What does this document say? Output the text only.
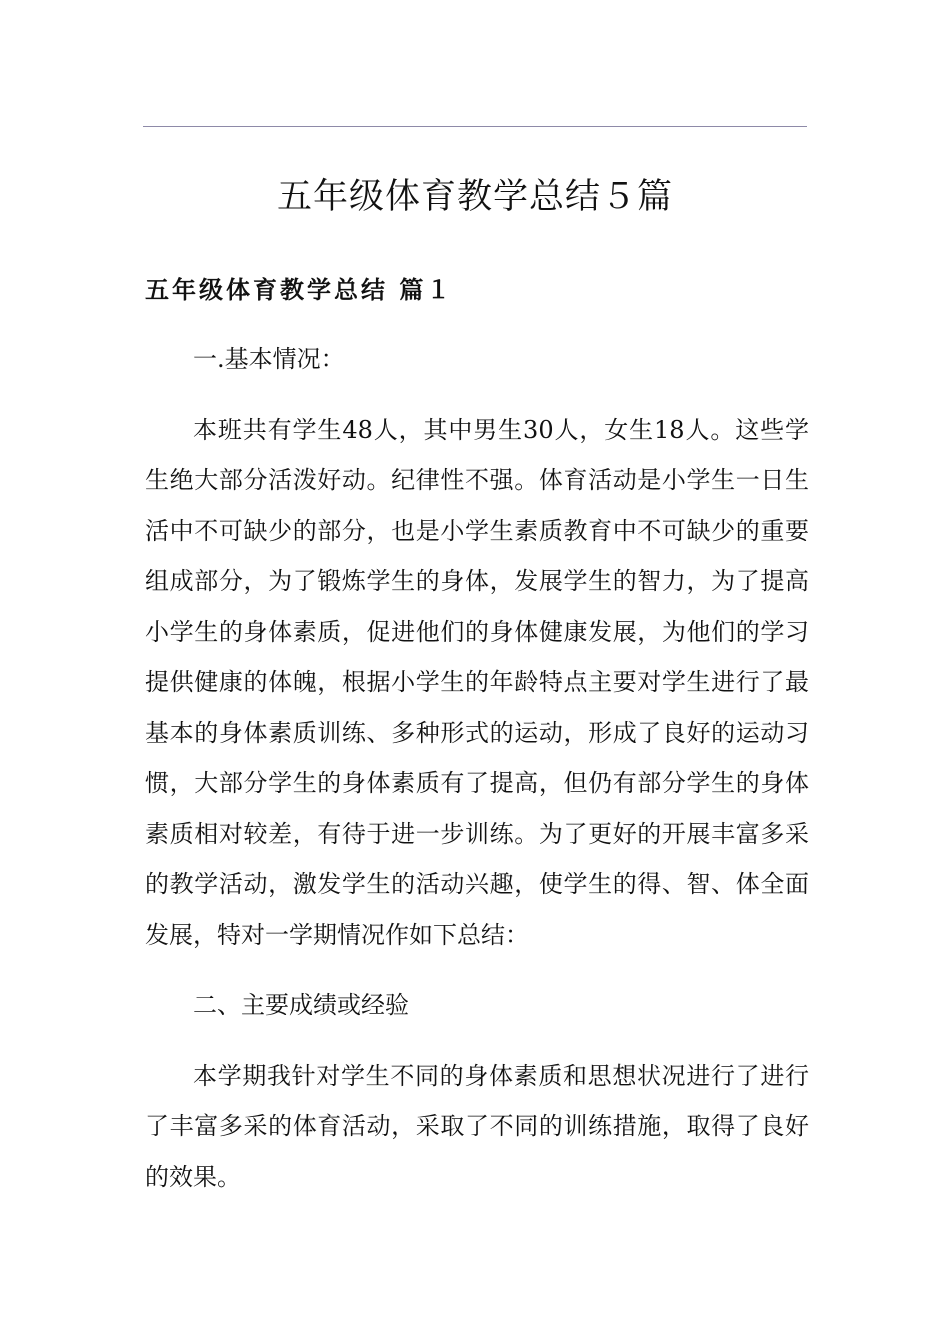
五年级体育教学总结５篇
五年级体育教学总结 篇１

一.基本情况：

本班共有学生48人，其中男生30人，女生18人。这些学生绝大部分活泼好动。纪律性不强。体育活动是小学生一日生活中不可缺少的部分，也是小学生素质教育中不可缺少的重要组成部分，为了锻炼学生的身体，发展学生的智力，为了提高小学生的身体素质，促进他们的身体健康发展，为他们的学习提供健康的体魄，根据小学生的年龄特点主要对学生进行了最基本的身体素质训练、多种形式的运动，形成了良好的运动习惯，大部分学生的身体素质有了提高，但仍有部分学生的身体素质相对较差，有待于进一步训练。为了更好的开展丰富多采的教学活动，激发学生的活动兴趣，使学生的得、智、体全面发展，特对一学期情况作如下总结：

二、主要成绩或经验

本学期我针对学生不同的身体素质和思想状况进行了进行了丰富多采的体育活动，采取了不同的训练措施，取得了良好的效果。
